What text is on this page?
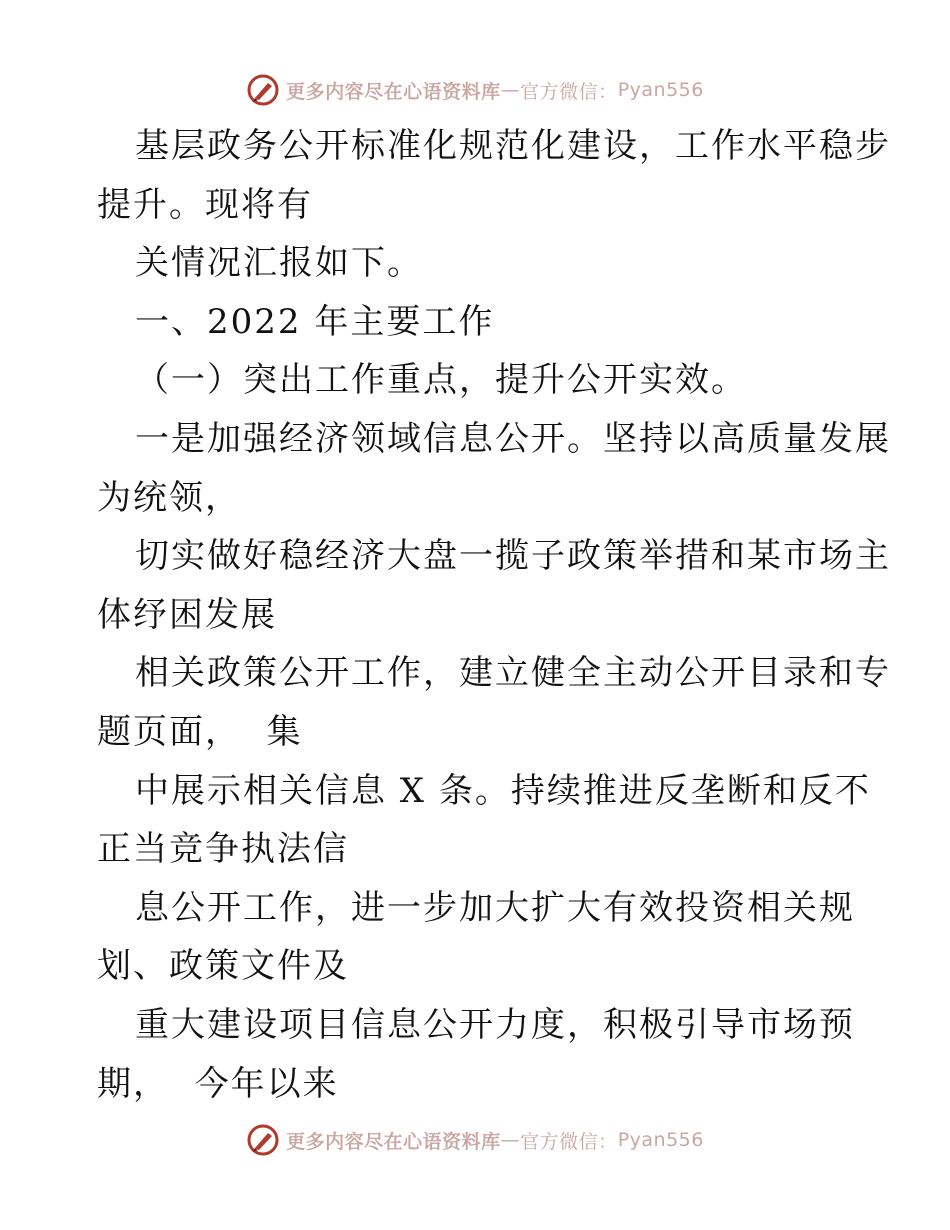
更多内容尽在心语资料库 — 官方微信： Pyan556
基层政务公开标准化规范化建设，工作水平稳步
提升。现将有
关情况汇报如下。
一、2022 年主要工作
（一）突出工作重点，提升公开实效。
一是加强经济领域信息公开。坚持以高质量发展
为统领，
切实做好稳经济大盘一揽子政策举措和某市场主
体纾困发展
相关政策公开工作，建立健全主动公开目录和专
题页面，  集
中展示相关信息 X 条。持续推进反垄断和反不
正当竞争执法信
息公开工作，进一步加大扩大有效投资相关规
划、政策文件及
重大建设项目信息公开力度，积极引导市场预
期，  今年以来
更多内容尽在心语资料库 — 官方微信： Pyan556
